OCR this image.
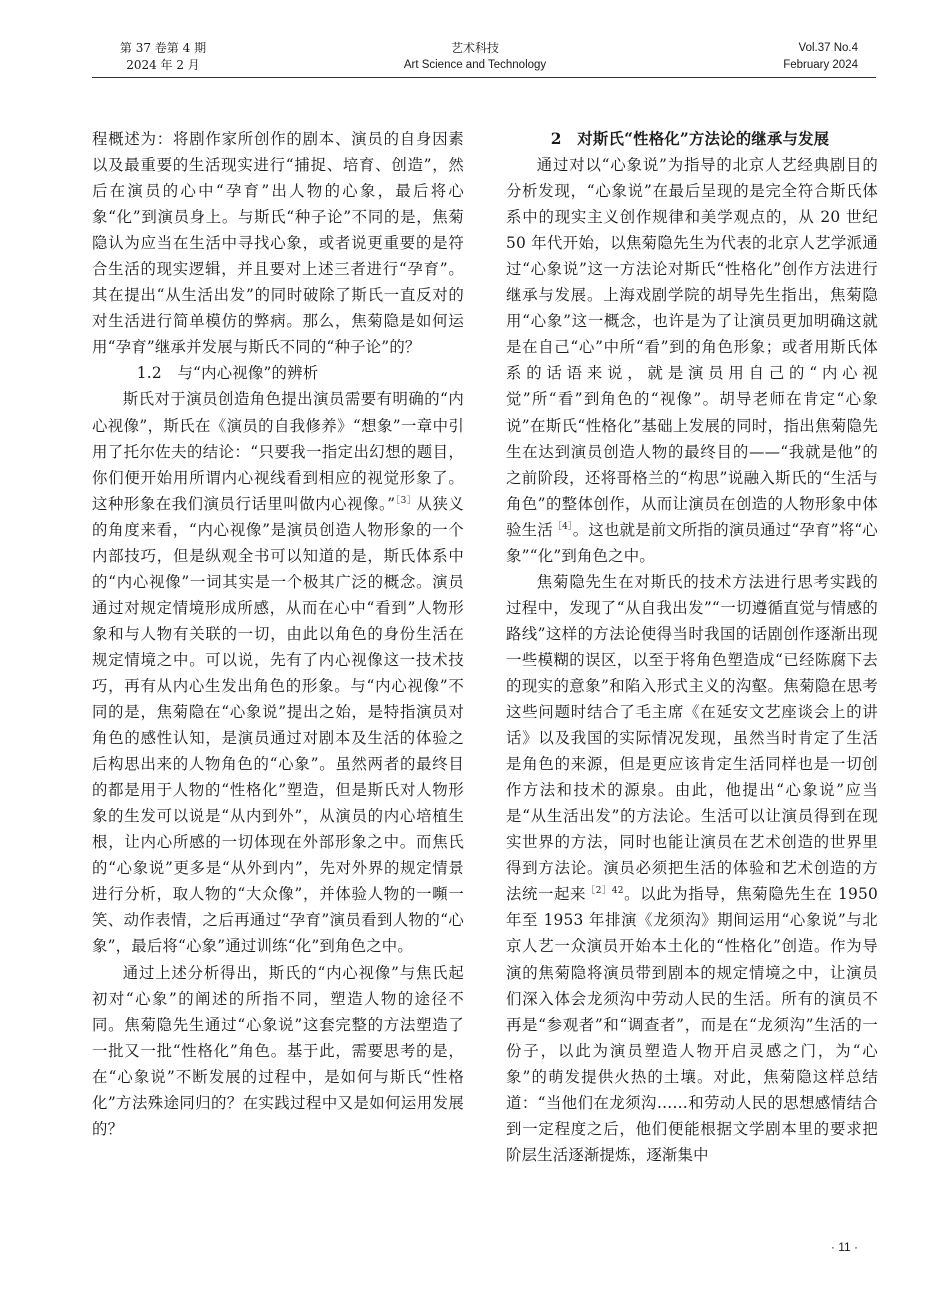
第 37 卷第 4 期
2024 年 2 月
艺术科技
Art Science and Technology
Vol.37 No.4
February 2024

程概述为：将剧作家所创作的剧本、演员的自身因素以及最重要的生活现实进行“捕捉、培育、创造”，然后在演员的心中“孕育”出人物的心象，最后将心象“化”到演员身上。与斯氏“种子论”不同的是，焦菊隐认为应当在生活中寻找心象，或者说更重要的是符合生活的现实逻辑，并且要对上述三者进行“孕育”。其在提出“从生活出发”的同时破除了斯氏一直反对的对生活进行简单模仿的弊病。那么，焦菊隐是如何运用“孕育”继承并发展与斯氏不同的“种子论”的？

1.2　与“内心视像”的辨析

斯氏对于演员创造角色提出演员需要有明确的“内心视像”，斯氏在《演员的自我修养》“想象”一章中引用了托尔佐夫的结论：“只要我一指定出幻想的题目，你们便开始用所谓内心视线看到相应的视觉形象了。这种形象在我们演员行话里叫做内心视像。”$^{[3]}$从狭义的角度来看，“内心视像”是演员创造人物形象的一个内部技巧，但是纵观全书可以知道的是，斯氏体系中的“内心视像”一词其实是一个极其广泛的概念。演员通过对规定情境形成所感，从而在心中“看到”人物形象和与人物有关联的一切，由此以角色的身份生活在规定情境之中。可以说，先有了内心视像这一技术技巧，再有从内心生发出角色的形象。与“内心视像”不同的是，焦菊隐在“心象说”提出之始，是特指演员对角色的感性认知，是演员通过对剧本及生活的体验之后构思出来的人物角色的“心象”。虽然两者的最终目的都是用于人物的“性格化”塑造，但是斯氏对人物形象的生发可以说是“从内到外”，从演员的内心培植生根，让内心所感的一切体现在外部形象之中。而焦氏的“心象说”更多是“从外到内”，先对外界的规定情景进行分析，取人物的“大众像”，并体验人物的一嚬一笑、动作表情，之后再通过“孕育”演员看到人物的“心象”，最后将“心象”通过训练“化”到角色之中。

通过上述分析得出，斯氏的“内心视像”与焦氏起初对“心象”的阐述的所指不同，塑造人物的途径不同。焦菊隐先生通过“心象说”这套完整的方法塑造了一批又一批“性格化”角色。基于此，需要思考的是，在“心象说”不断发展的过程中，是如何与斯氏“性格化”方法殊途同归的？在实践过程中又是如何运用发展的？

2　对斯氏“性格化”方法论的继承与发展

通过对以“心象说”为指导的北京人艺经典剧目的分析发现，“心象说”在最后呈现的是完全符合斯氏体系中的现实主义创作规律和美学观点的，从 20 世纪 50 年代开始，以焦菊隐先生为代表的北京人艺学派通过“心象说”这一方法论对斯氏“性格化”创作方法进行继承与发展。上海戏剧学院的胡导先生指出，焦菊隐用“心象”这一概念，也许是为了让演员更加明确这就是在自己“心”中所“看”到的角色形象；或者用斯氏体系的话语来说，就是演员用自己的“内心视觉”所“看”到角色的“视像”。胡导老师在肯定“心象说”在斯氏“性格化”基础上发展的同时，指出焦菊隐先生在达到演员创造人物的最终目的——“我就是他”的之前阶段，还将哥格兰的“构思”说融入斯氏的“生活与角色”的整体创作，从而让演员在创造的人物形象中体验生活$^{[4]}$。这也就是前文所指的演员通过“孕育”将“心象”“化”到角色之中。

焦菊隐先生在对斯氏的技术方法进行思考实践的过程中，发现了“从自我出发”“一切遵循直觉与情感的路线”这样的方法论使得当时我国的话剧创作逐渐出现一些模糊的误区，以至于将角色塑造成“已经陈腐下去的现实的意象”和陷入形式主义的沟壑。焦菊隐在思考这些问题时结合了毛主席《在延安文艺座谈会上的讲话》以及我国的实际情况发现，虽然当时肯定了生活是角色的来源，但是更应该肯定生活同样也是一切创作方法和技术的源泉。由此，他提出“心象说”应当是“从生活出发”的方法论。生活可以让演员得到在现实世界的方法，同时也能让演员在艺术创造的世界里得到方法论。演员必须把生活的体验和艺术创造的方法统一起来$^{[2]42}$。以此为指导，焦菊隐先生在 1950 年至 1953 年排演《龙须沟》期间运用“心象说”与北京人艺一众演员开始本土化的“性格化”创造。作为导演的焦菊隐将演员带到剧本的规定情境之中，让演员们深入体会龙须沟中劳动人民的生活。所有的演员不再是“参观者”和“调查者”，而是在“龙须沟”生活的一份子，以此为演员塑造人物开启灵感之门，为“心象”的萌发提供火热的土壤。对此，焦菊隐这样总结道：“当他们在龙须沟……和劳动人民的思想感情结合到一定程度之后，他们便能根据文学剧本里的要求把阶层生活逐渐提炼，逐渐集中

· 11 ·
